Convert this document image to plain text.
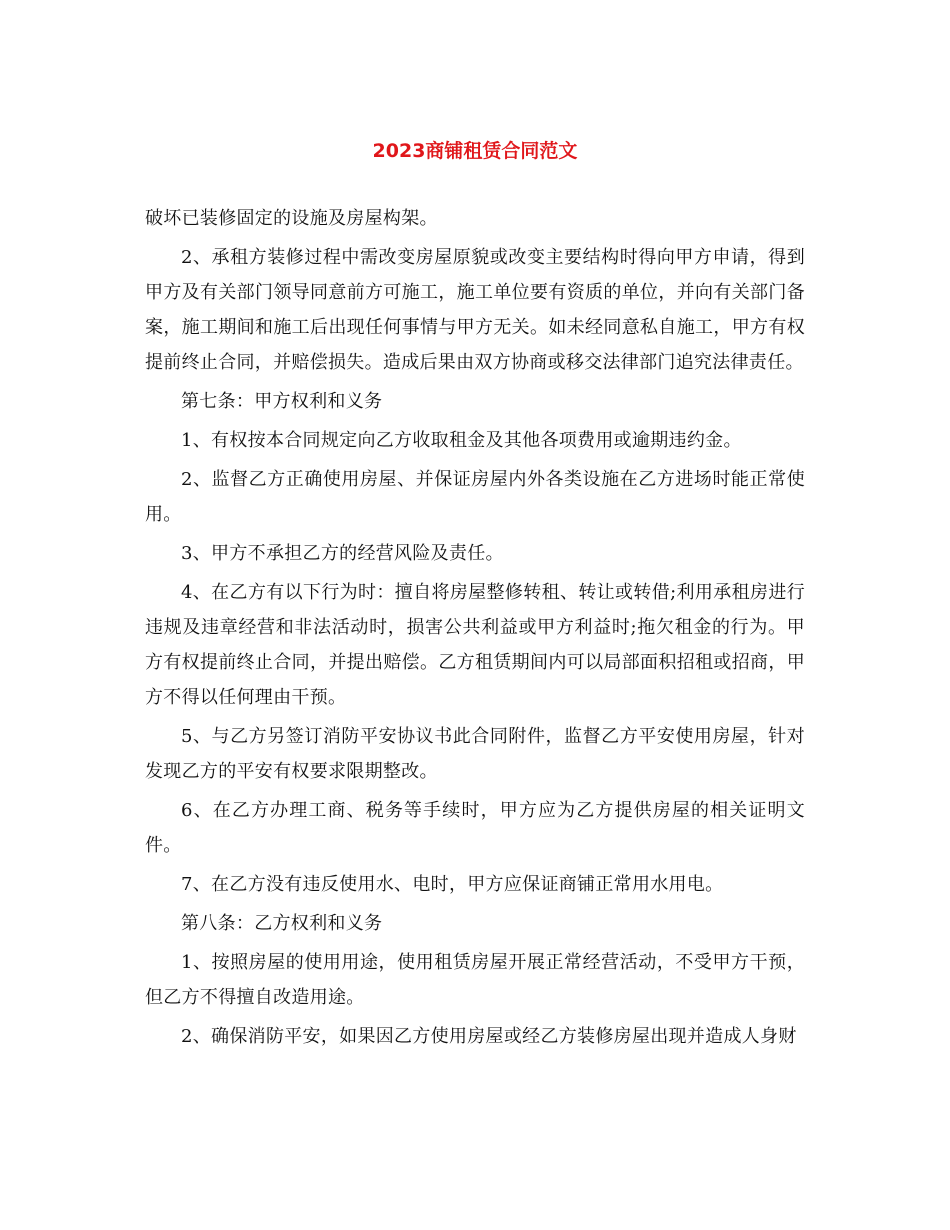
2023商铺租赁合同范文

破坏已装修固定的设施及房屋构架。

2、承租方装修过程中需改变房屋原貌或改变主要结构时得向甲方申请，得到甲方及有关部门领导同意前方可施工，施工单位要有资质的单位，并向有关部门备案，施工期间和施工后出现任何事情与甲方无关。如未经同意私自施工，甲方有权提前终止合同，并赔偿损失。造成后果由双方协商或移交法律部门追究法律责任。

第七条：甲方权利和义务

1、有权按本合同规定向乙方收取租金及其他各项费用或逾期违约金。

2、监督乙方正确使用房屋、并保证房屋内外各类设施在乙方进场时能正常使用。

3、甲方不承担乙方的经营风险及责任。

4、在乙方有以下行为时：擅自将房屋整修转租、转让或转借;利用承租房进行违规及违章经营和非法活动时，损害公共利益或甲方利益时;拖欠租金的行为。甲方有权提前终止合同，并提出赔偿。乙方租赁期间内可以局部面积招租或招商，甲方不得以任何理由干预。

5、与乙方另签订消防平安协议书此合同附件，监督乙方平安使用房屋，针对发现乙方的平安有权要求限期整改。

6、在乙方办理工商、税务等手续时，甲方应为乙方提供房屋的相关证明文件。

7、在乙方没有违反使用水、电时，甲方应保证商铺正常用水用电。

第八条：乙方权利和义务

1、按照房屋的使用用途，使用租赁房屋开展正常经营活动，不受甲方干预，但乙方不得擅自改造用途。

2、确保消防平安，如果因乙方使用房屋或经乙方装修房屋出现并造成人身财
